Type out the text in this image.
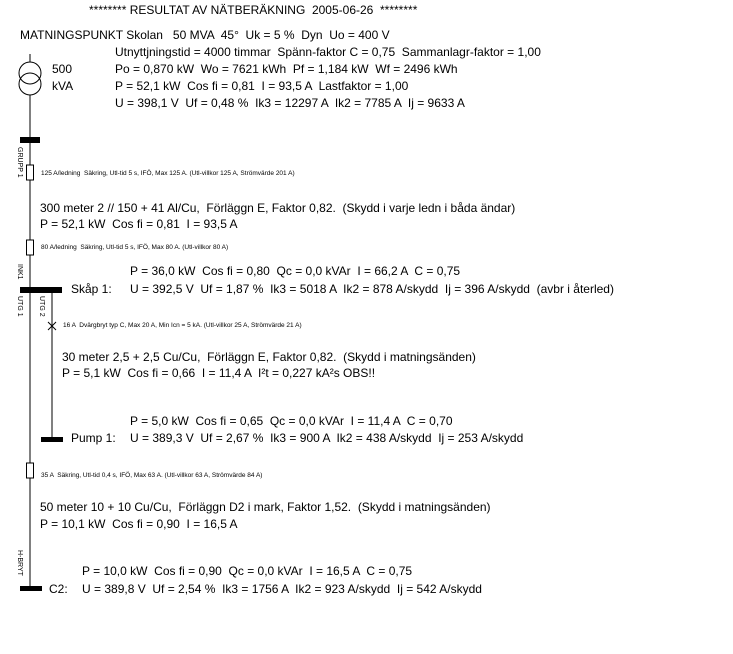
******** RESULTAT AV NÄTBERÄKNING  2005-06-26  ********
MATNINGSPUNKT Skolan   50 MVA  45°  Uk = 5 %  Dyn  Uo = 400 V
Utnyttjningstid = 4000 timmar  Spänn-faktor C = 0,75  Sammanlagr-faktor = 1,00
500
kVA
Po = 0,870 kW  Wo = 7621 kWh  Pf = 1,184 kW  Wf = 2496 kWh
P = 52,1 kW  Cos fi = 0,81  I = 93,5 A  Lastfaktor = 1,00
U = 398,1 V  Uf = 0,48 %  Ik3 = 12297 A  Ik2 = 7785 A  Ij = 9633 A
GRUPP 1
INK1
UTG 1 UTG 2
H-BRYT
125 A/ledning  Säkring, Utl-tid 5 s, IFÖ, Max 125 A. (Utl-villkor 125 A, Strömvärde 201 A)
300 meter 2 // 150 + 41 Al/Cu,  Förläggn E, Faktor 0,82.  (Skydd i varje ledn i båda ändar)
P = 52,1 kW  Cos fi = 0,81  I = 93,5 A
80 A/ledning  Säkring, Utl-tid 5 s, IFÖ, Max 80 A. (Utl-villkor 80 A)
P = 36,0 kW  Cos fi = 0,80  Qc = 0,0 kVAr  I = 66,2 A  C = 0,75
Skåp 1: U = 392,5 V  Uf = 1,87 %  Ik3 = 5018 A  Ik2 = 878 A/skydd  Ij = 396 A/skydd  (avbr i återled)
16 A  Dvärgbryt typ C, Max 20 A, Min Icn = 5 kA. (Utl-villkor 25 A, Strömvärde 21 A)
30 meter 2,5 + 2,5 Cu/Cu,  Förläggn E, Faktor 0,82.  (Skydd i matningsänden)
P = 5,1 kW  Cos fi = 0,66  I = 11,4 A  I²t = 0,227 kA²s OBS!!
P = 5,0 kW  Cos fi = 0,65  Qc = 0,0 kVAr  I = 11,4 A  C = 0,70
Pump 1: U = 389,3 V  Uf = 2,67 %  Ik3 = 900 A  Ik2 = 438 A/skydd  Ij = 253 A/skydd
35 A  Säkring, Utl-tid 0,4 s, IFÖ, Max 63 A. (Utl-villkor 63 A, Strömvärde 84 A)
50 meter 10 + 10 Cu/Cu,  Förläggn D2 i mark, Faktor 1,52.  (Skydd i matningsänden)
P = 10,1 kW  Cos fi = 0,90  I = 16,5 A
P = 10,0 kW  Cos fi = 0,90  Qc = 0,0 kVAr  I = 16,5 A  C = 0,75
C2: U = 389,8 V  Uf = 2,54 %  Ik3 = 1756 A  Ik2 = 923 A/skydd  Ij = 542 A/skydd
